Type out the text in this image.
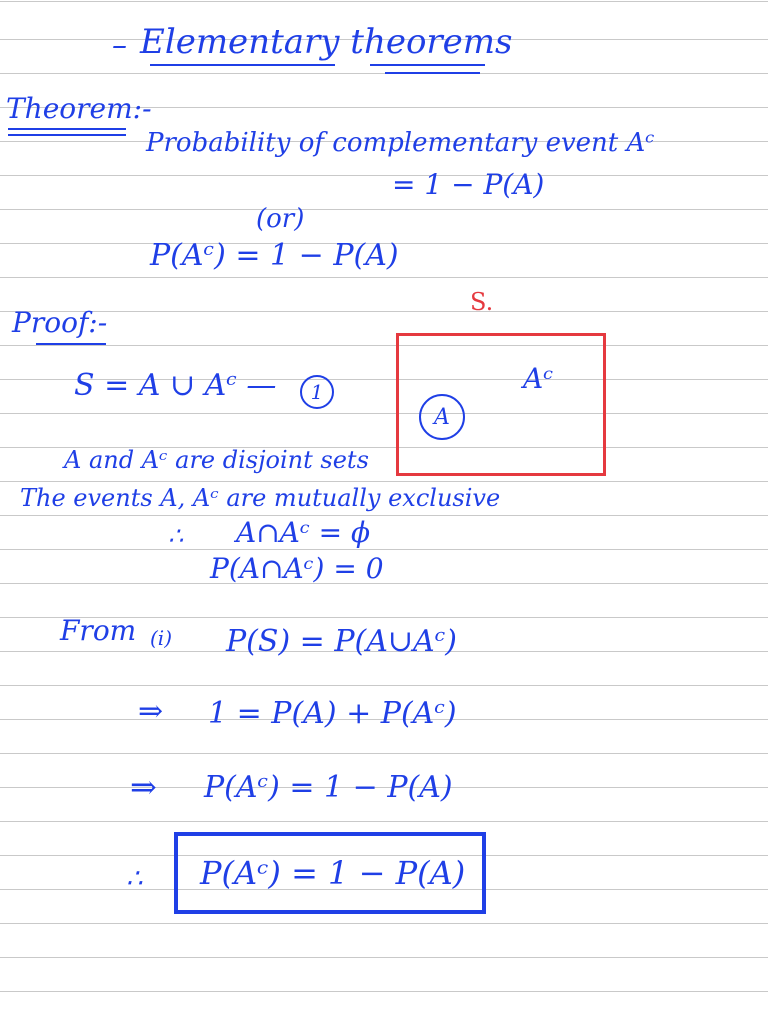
– Elementary theorems
Theorem:-
Probability of complementary event Aᶜ
= 1 − P(A)
(or)
P(Aᶜ) = 1 − P(A)
Proof:-
S.
A
Aᶜ
S = A ∪ Aᶜ — 1
A and Aᶜ are disjoint sets
The events A, Aᶜ are mutually exclusive
∴ A∩Aᶜ = ϕ
P(A∩Aᶜ) = 0
From (i) P(S) = P(A∪Aᶜ)
⇒ 1 = P(A) + P(Aᶜ)
⇒ P(Aᶜ) = 1 − P(A)
∴ P(Aᶜ) = 1 − P(A)
